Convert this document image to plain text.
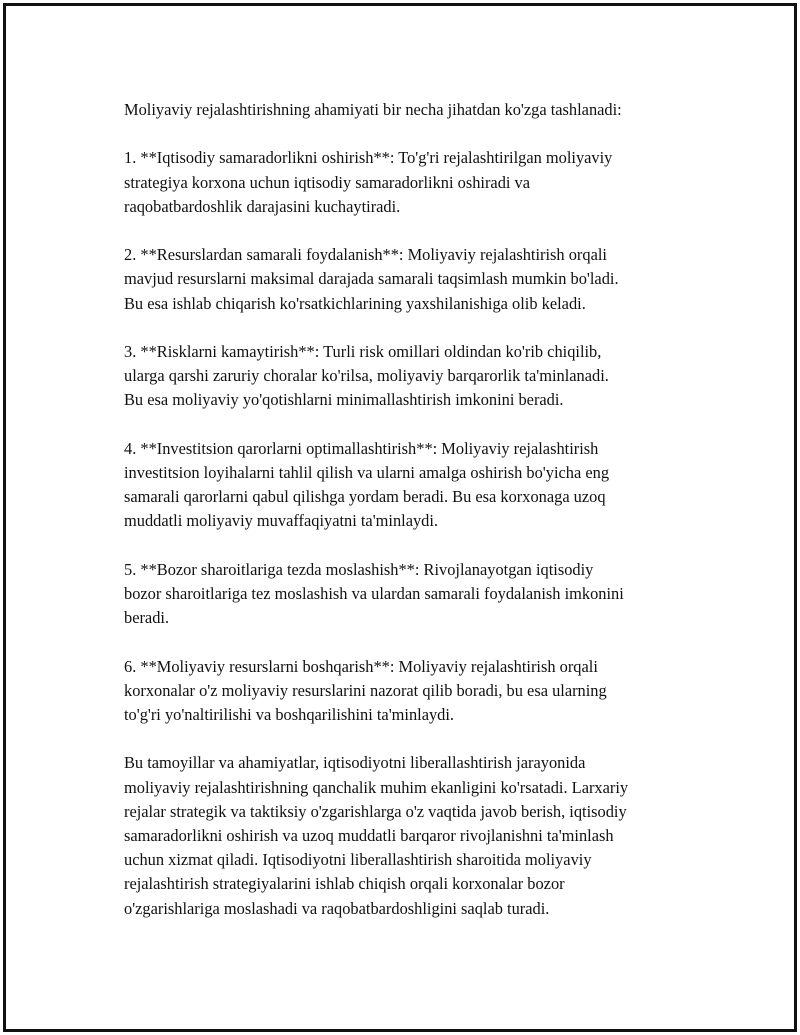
Moliyaviy rejalashtirishning ahamiyati bir necha jihatdan ko'zga tashlanadi:

1. **Iqtisodiy samaradorlikni oshirish**: To'g'ri rejalashtirilgan moliyaviy
strategiya korxona uchun iqtisodiy samaradorlikni oshiradi va
raqobatbardoshlik darajasini kuchaytiradi.

2. **Resurslardan samarali foydalanish**: Moliyaviy rejalashtirish orqali
mavjud resurslarni maksimal darajada samarali taqsimlash mumkin bo'ladi.
Bu esa ishlab chiqarish ko'rsatkichlarining yaxshilanishiga olib keladi.

3. **Risklarni kamaytirish**: Turli risk omillari oldindan ko'rib chiqilib,
ularga qarshi zaruriy choralar ko'rilsa, moliyaviy barqarorlik ta'minlanadi.
Bu esa moliyaviy yo'qotishlarni minimallashtirish imkonini beradi.

4. **Investitsion qarorlarni optimallashtirish**: Moliyaviy rejalashtirish
investitsion loyihalarni tahlil qilish va ularni amalga oshirish bo'yicha eng
samarali qarorlarni qabul qilishga yordam beradi. Bu esa korxonaga uzoq
muddatli moliyaviy muvaffaqiyatni ta'minlaydi.

5. **Bozor sharoitlariga tezda moslashish**: Rivojlanayotgan iqtisodiy
bozor sharoitlariga tez moslashish va ulardan samarali foydalanish imkonini
beradi.

6. **Moliyaviy resurslarni boshqarish**: Moliyaviy rejalashtirish orqali
korxonalar o'z moliyaviy resurslarini nazorat qilib boradi, bu esa ularning
to'g'ri yo'naltirilishi va boshqarilishini ta'minlaydi.

Bu tamoyillar va ahamiyatlar, iqtisodiyotni liberallashtirish jarayonida
moliyaviy rejalashtirishning qanchalik muhim ekanligini ko'rsatadi. Larxariy
rejalar strategik va taktiksiy o'zgarishlarga o'z vaqtida javob berish, iqtisodiy
samaradorlikni oshirish va uzoq muddatli barqaror rivojlanishni ta'minlash
uchun xizmat qiladi. Iqtisodiyotni liberallashtirish sharoitida moliyaviy
rejalashtirish strategiyalarini ishlab chiqish orqali korxonalar bozor
o'zgarishlariga moslashadi va raqobatbardoshligini saqlab turadi.
